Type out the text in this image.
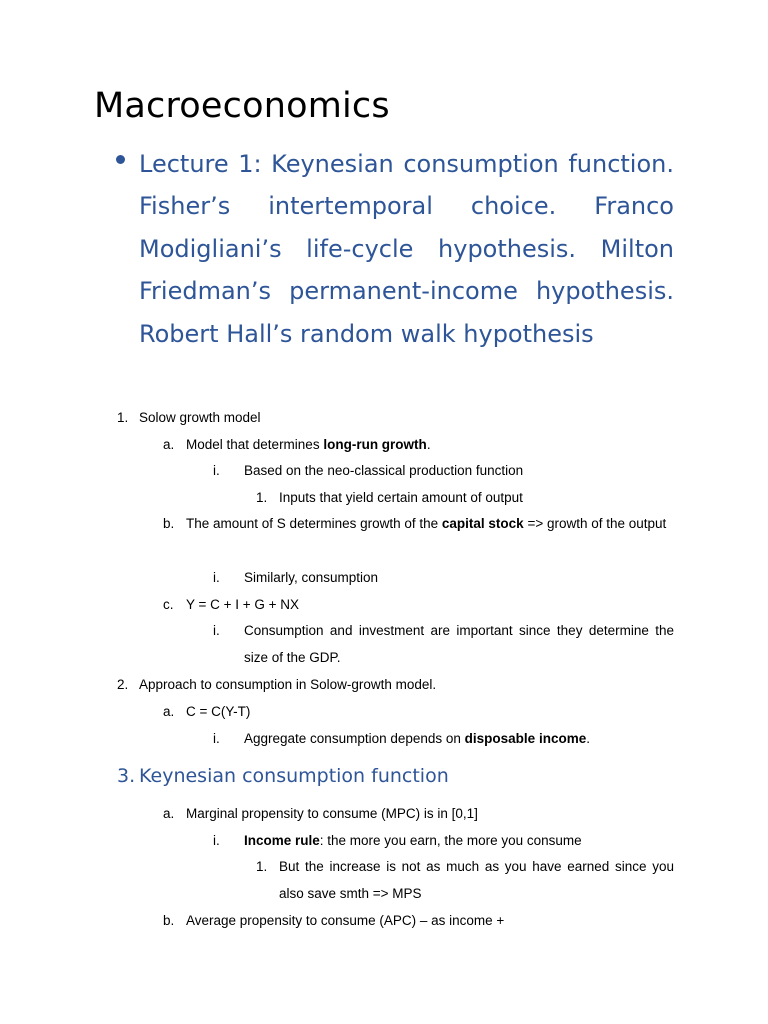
Macroeconomics

Lecture 1: Keynesian consumption function. Fisher’s intertemporal choice. Franco Modigliani’s life-cycle hypothesis. Milton Friedman’s permanent-income hypothesis. Robert Hall’s random walk hypothesis

1. Solow growth model
a. Model that determines long-run growth.
i. Based on the neo-classical production function
1. Inputs that yield certain amount of output
b. The amount of S determines growth of the capital stock => growth of the output
i. Similarly, consumption
c. Y = C + I + G + NX
i. Consumption and investment are important since they determine the size of the GDP.
2. Approach to consumption in Solow-growth model.
a. C = C(Y-T)
i. Aggregate consumption depends on disposable income.
3. Keynesian consumption function
a. Marginal propensity to consume (MPC) is in [0,1]
i. Income rule: the more you earn, the more you consume
1. But the increase is not as much as you have earned since you also save smth => MPS
b. Average propensity to consume (APC) – as income +
